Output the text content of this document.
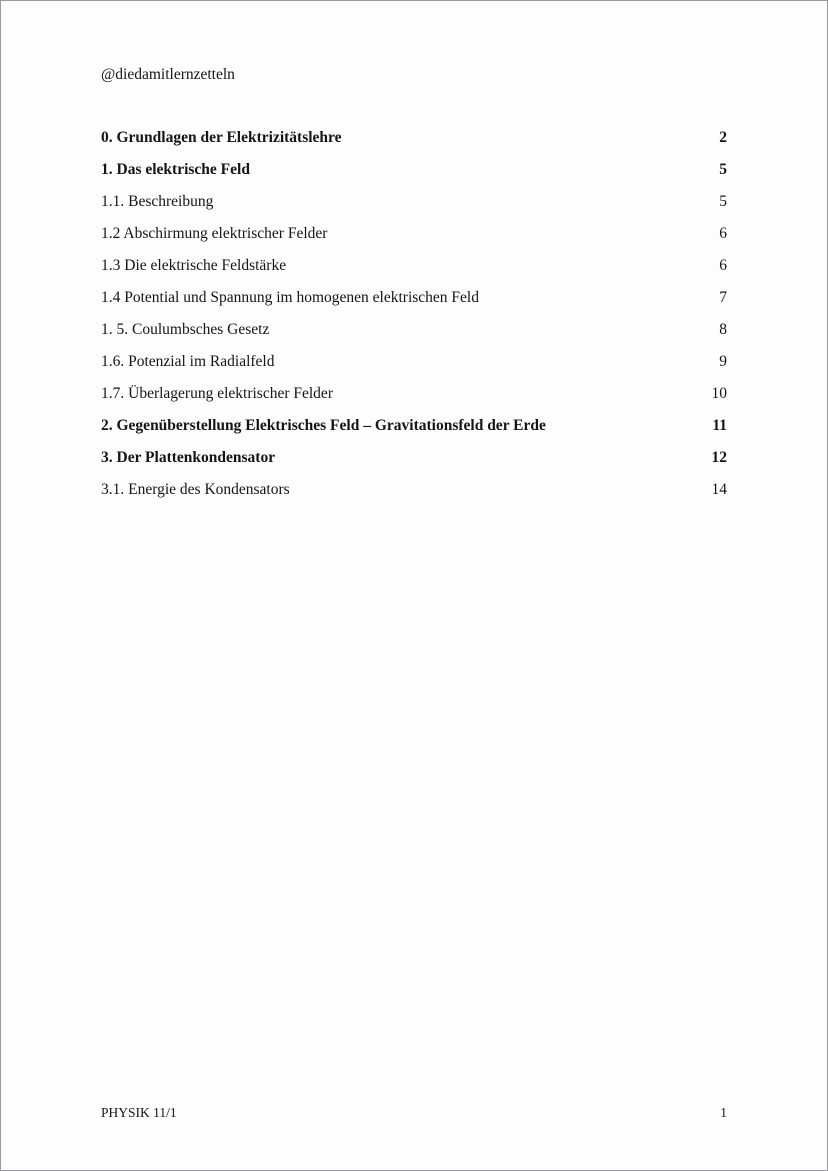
@diedamitlernzetteln
0. Grundlagen der Elektrizitätslehre	2
1. Das elektrische Feld	5
1.1. Beschreibung	5
1.2 Abschirmung elektrischer Felder	6
1.3 Die elektrische Feldstärke	6
1.4 Potential und Spannung im homogenen elektrischen Feld	7
1. 5. Coulumbsches Gesetz	8
1.6. Potenzial im Radialfeld	9
1.7. Überlagerung elektrischer Felder	10
2. Gegenüberstellung Elektrisches Feld – Gravitationsfeld der Erde	11
3. Der Plattenkondensator	12
3.1. Energie des Kondensators	14
PHYSIK 11/1	1
